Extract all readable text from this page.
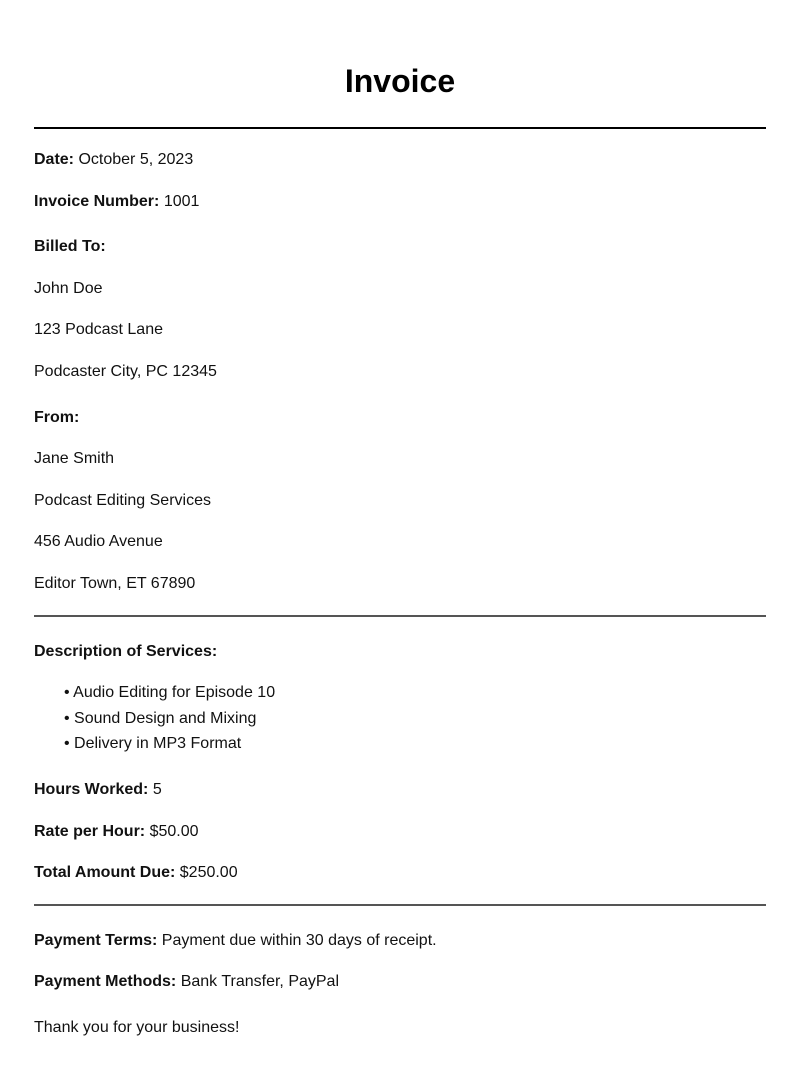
Invoice
Date: October 5, 2023
Invoice Number: 1001
Billed To:
John Doe
123 Podcast Lane
Podcaster City, PC 12345
From:
Jane Smith
Podcast Editing Services
456 Audio Avenue
Editor Town, ET 67890
Description of Services:
• Audio Editing for Episode 10
• Sound Design and Mixing
• Delivery in MP3 Format
Hours Worked: 5
Rate per Hour: $50.00
Total Amount Due: $250.00
Payment Terms: Payment due within 30 days of receipt.
Payment Methods: Bank Transfer, PayPal
Thank you for your business!
